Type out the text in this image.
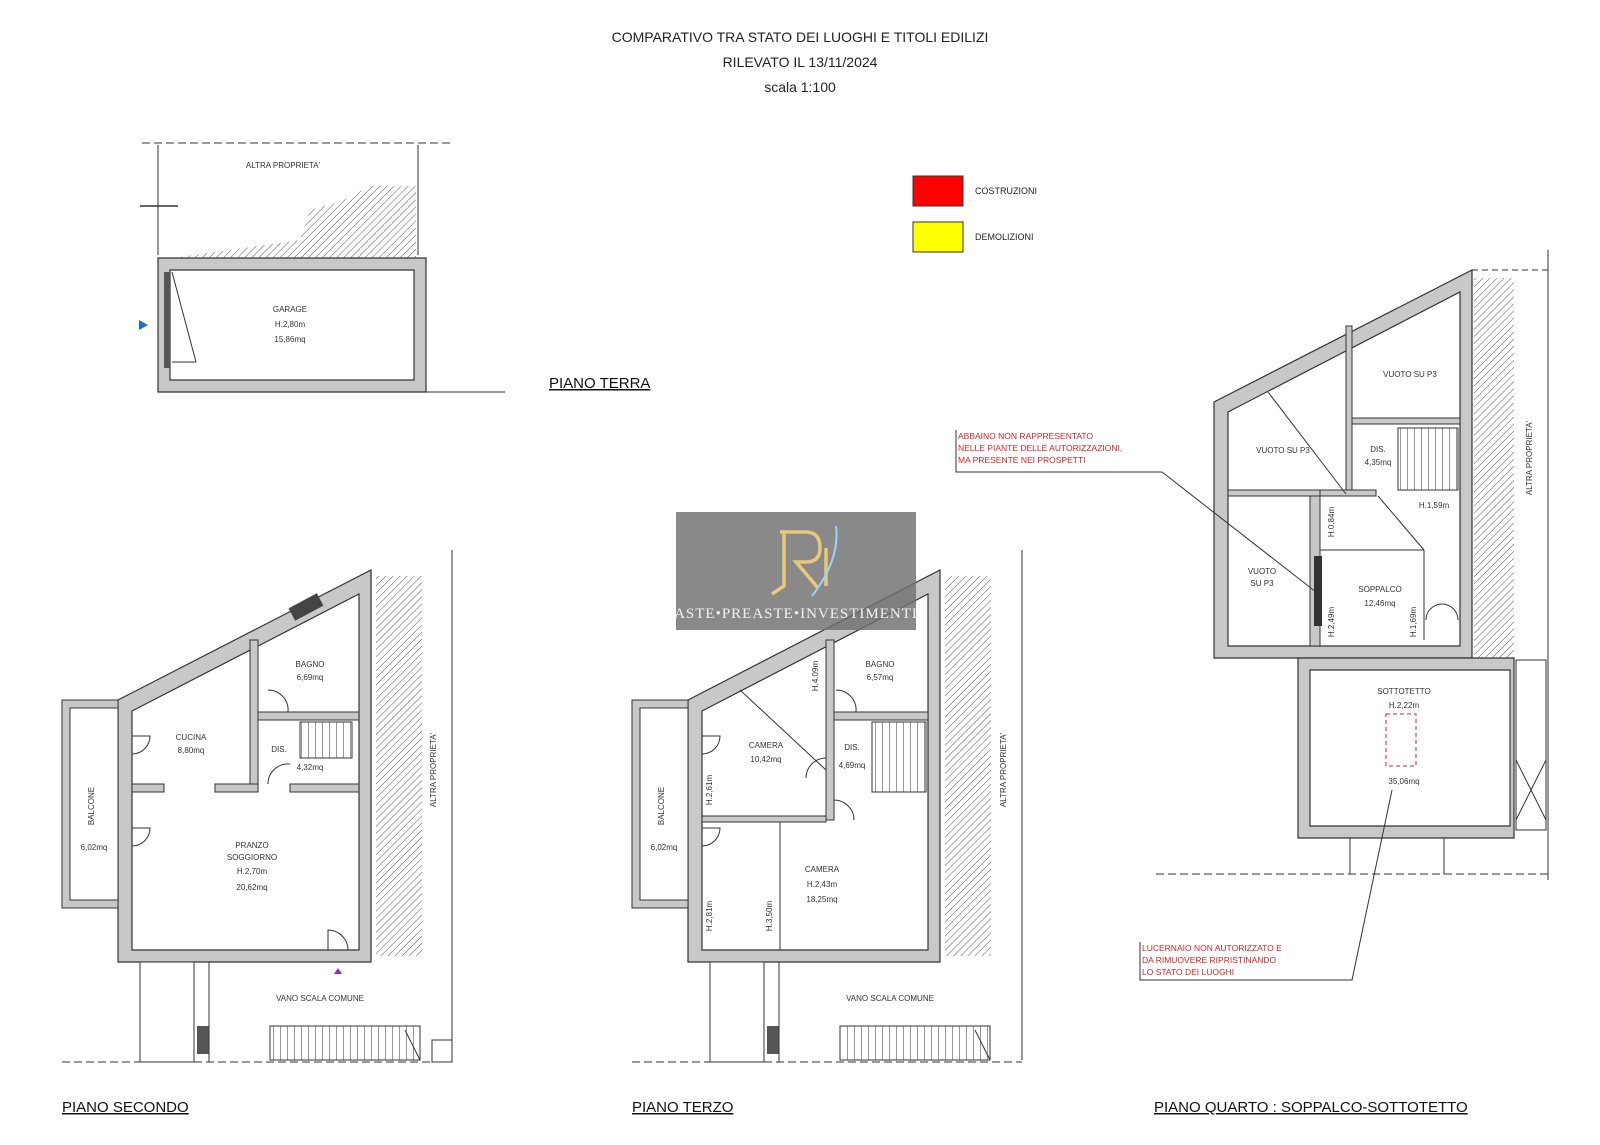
COMPARATIVO TRA STATO DEI LUOGHI E TITOLI EDILIZI
RILEVATO IL 13/11/2024
scala 1:100
COSTRUZIONI
DEMOLIZIONI
ALTRA PROPRIETA'
GARAGE
H.2,80m
15,86mq
PIANO TERRA
BAGNO
6,69mq
CUCINA
8,80mq	DIS.
4,32mq
BALCONE
6,02mq	PRANZO
SOGGIORNO
H.2,70m
20,62mq
ALTRA PROPRIETA'
VANO SCALA COMUNE
PIANO SECONDO
BAGNO
6,57mq
H.4,09m
CAMERA
10,42mq
DIS.
4,69mq
H.2,61m
CAMERA
H.2,43m
18,25mq
H.2,81m	H.3,50m
BALCONE
6,02mq
ALTRA PROPRIETA'
VANO SCALA COMUNE
PIANO TERZO
VUOTO SU P3
VUOTO SU P3
VUOTO
SU P3
DIS.
4,35mq
H.1,59m
SOPPALCO
12,46mq
H.0,84m
H.2,49m	H.1,69m
SOTTOTETTO
H.2,22m
35,06mq
ALTRA PROPRIETA'
ABBAINO NON RAPPRESENTATO
NELLE PIANTE DELLE AUTORIZZAZIONI,
MA PRESENTE NEI PROSPETTI
LUCERNAIO NON AUTORIZZATO E
DA RIMUOVERE RIPRISTINANDO
LO STATO DEI LUOGHI
PIANO QUARTO : SOPPALCO-SOTTOTETTO
ASTE•PREASTE•INVESTIMENTI
